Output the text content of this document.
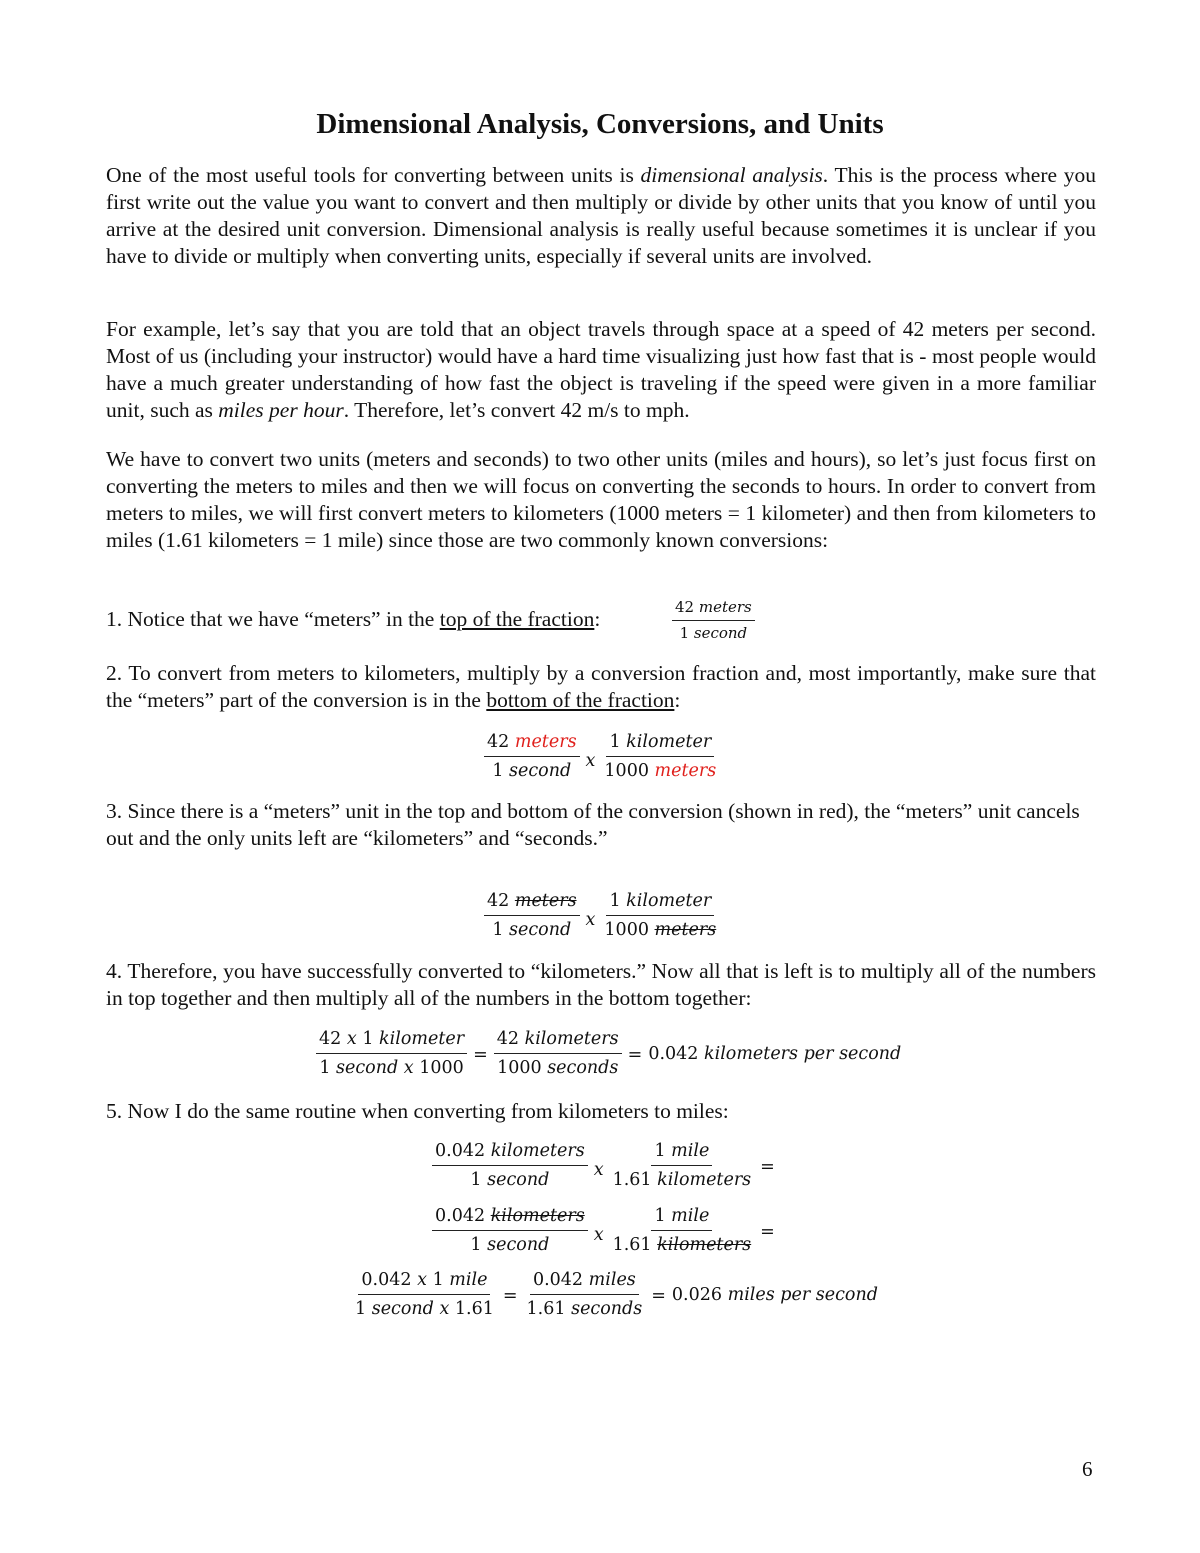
Dimensional Analysis, Conversions, and Units

One of the most useful tools for converting between units is dimensional analysis. This is the process where you first write out the value you want to convert and then multiply or divide by other units that you know of until you arrive at the desired unit conversion. Dimensional analysis is really useful because sometimes it is unclear if you have to divide or multiply when converting units, especially if several units are involved.

For example, let’s say that you are told that an object travels through space at a speed of 42 meters per second. Most of us (including your instructor) would have a hard time visualizing just how fast that is - most people would have a much greater understanding of how fast the object is traveling if the speed were given in a more familiar unit, such as miles per hour. Therefore, let’s convert 42 m/s to mph.

We have to convert two units (meters and seconds) to two other units (miles and hours), so let’s just focus first on converting the meters to miles and then we will focus on converting the seconds to hours. In order to convert from meters to miles, we will first convert meters to kilometers (1000 meters = 1 kilometer) and then from kilometers to miles (1.61 kilometers = 1 mile) since those are two commonly known conversions:

1. Notice that we have “meters” in the top of the fraction:	$\frac{\text{42 meters}}{\text{1 second}}$

2. To convert from meters to kilometers, multiply by a conversion fraction and, most importantly, make sure that the “meters” part of the conversion is in the bottom of the fraction:

$\frac{\text{42 meters}}{\text{1 second}}$ x $\frac{\text{1 kilometer}}{\text{1000 meters}}$

3. Since there is a “meters” unit in the top and bottom of the conversion (shown in red), the “meters” unit cancels out and the only units left are “kilometers” and “seconds.”

$\frac{\text{42 meters}}{\text{1 second}}$ x $\frac{\text{1 kilometer}}{\text{1000 meters}}$

4. Therefore, you have successfully converted to “kilometers.” Now all that is left is to multiply all of the numbers in top together and then multiply all of the numbers in the bottom together:

$\frac{\text{42 x 1 kilometer}}{\text{1 second x 1000}} = \frac{\text{42 kilometers}}{\text{1000 seconds}} = 0.042$
kilometers per second

5. Now I do the same routine when converting from kilometers to miles:

$\frac{\text{0.042 kilometers}}{\text{1 second}}$ x $\frac{\text{1 mile}}{\text{1.61 kilometers}}$ =
$\frac{\text{0.042 kilometers}}{\text{1 second}}$ x $\frac{\text{1 mile}}{\text{1.61 kilometers}}$ =
$\frac{\text{0.042 x 1 mile}}{\text{1 second x 1.61}} = \frac{\text{0.042 miles}}{\text{1.61 seconds}} = 0.026$
miles per second
6
